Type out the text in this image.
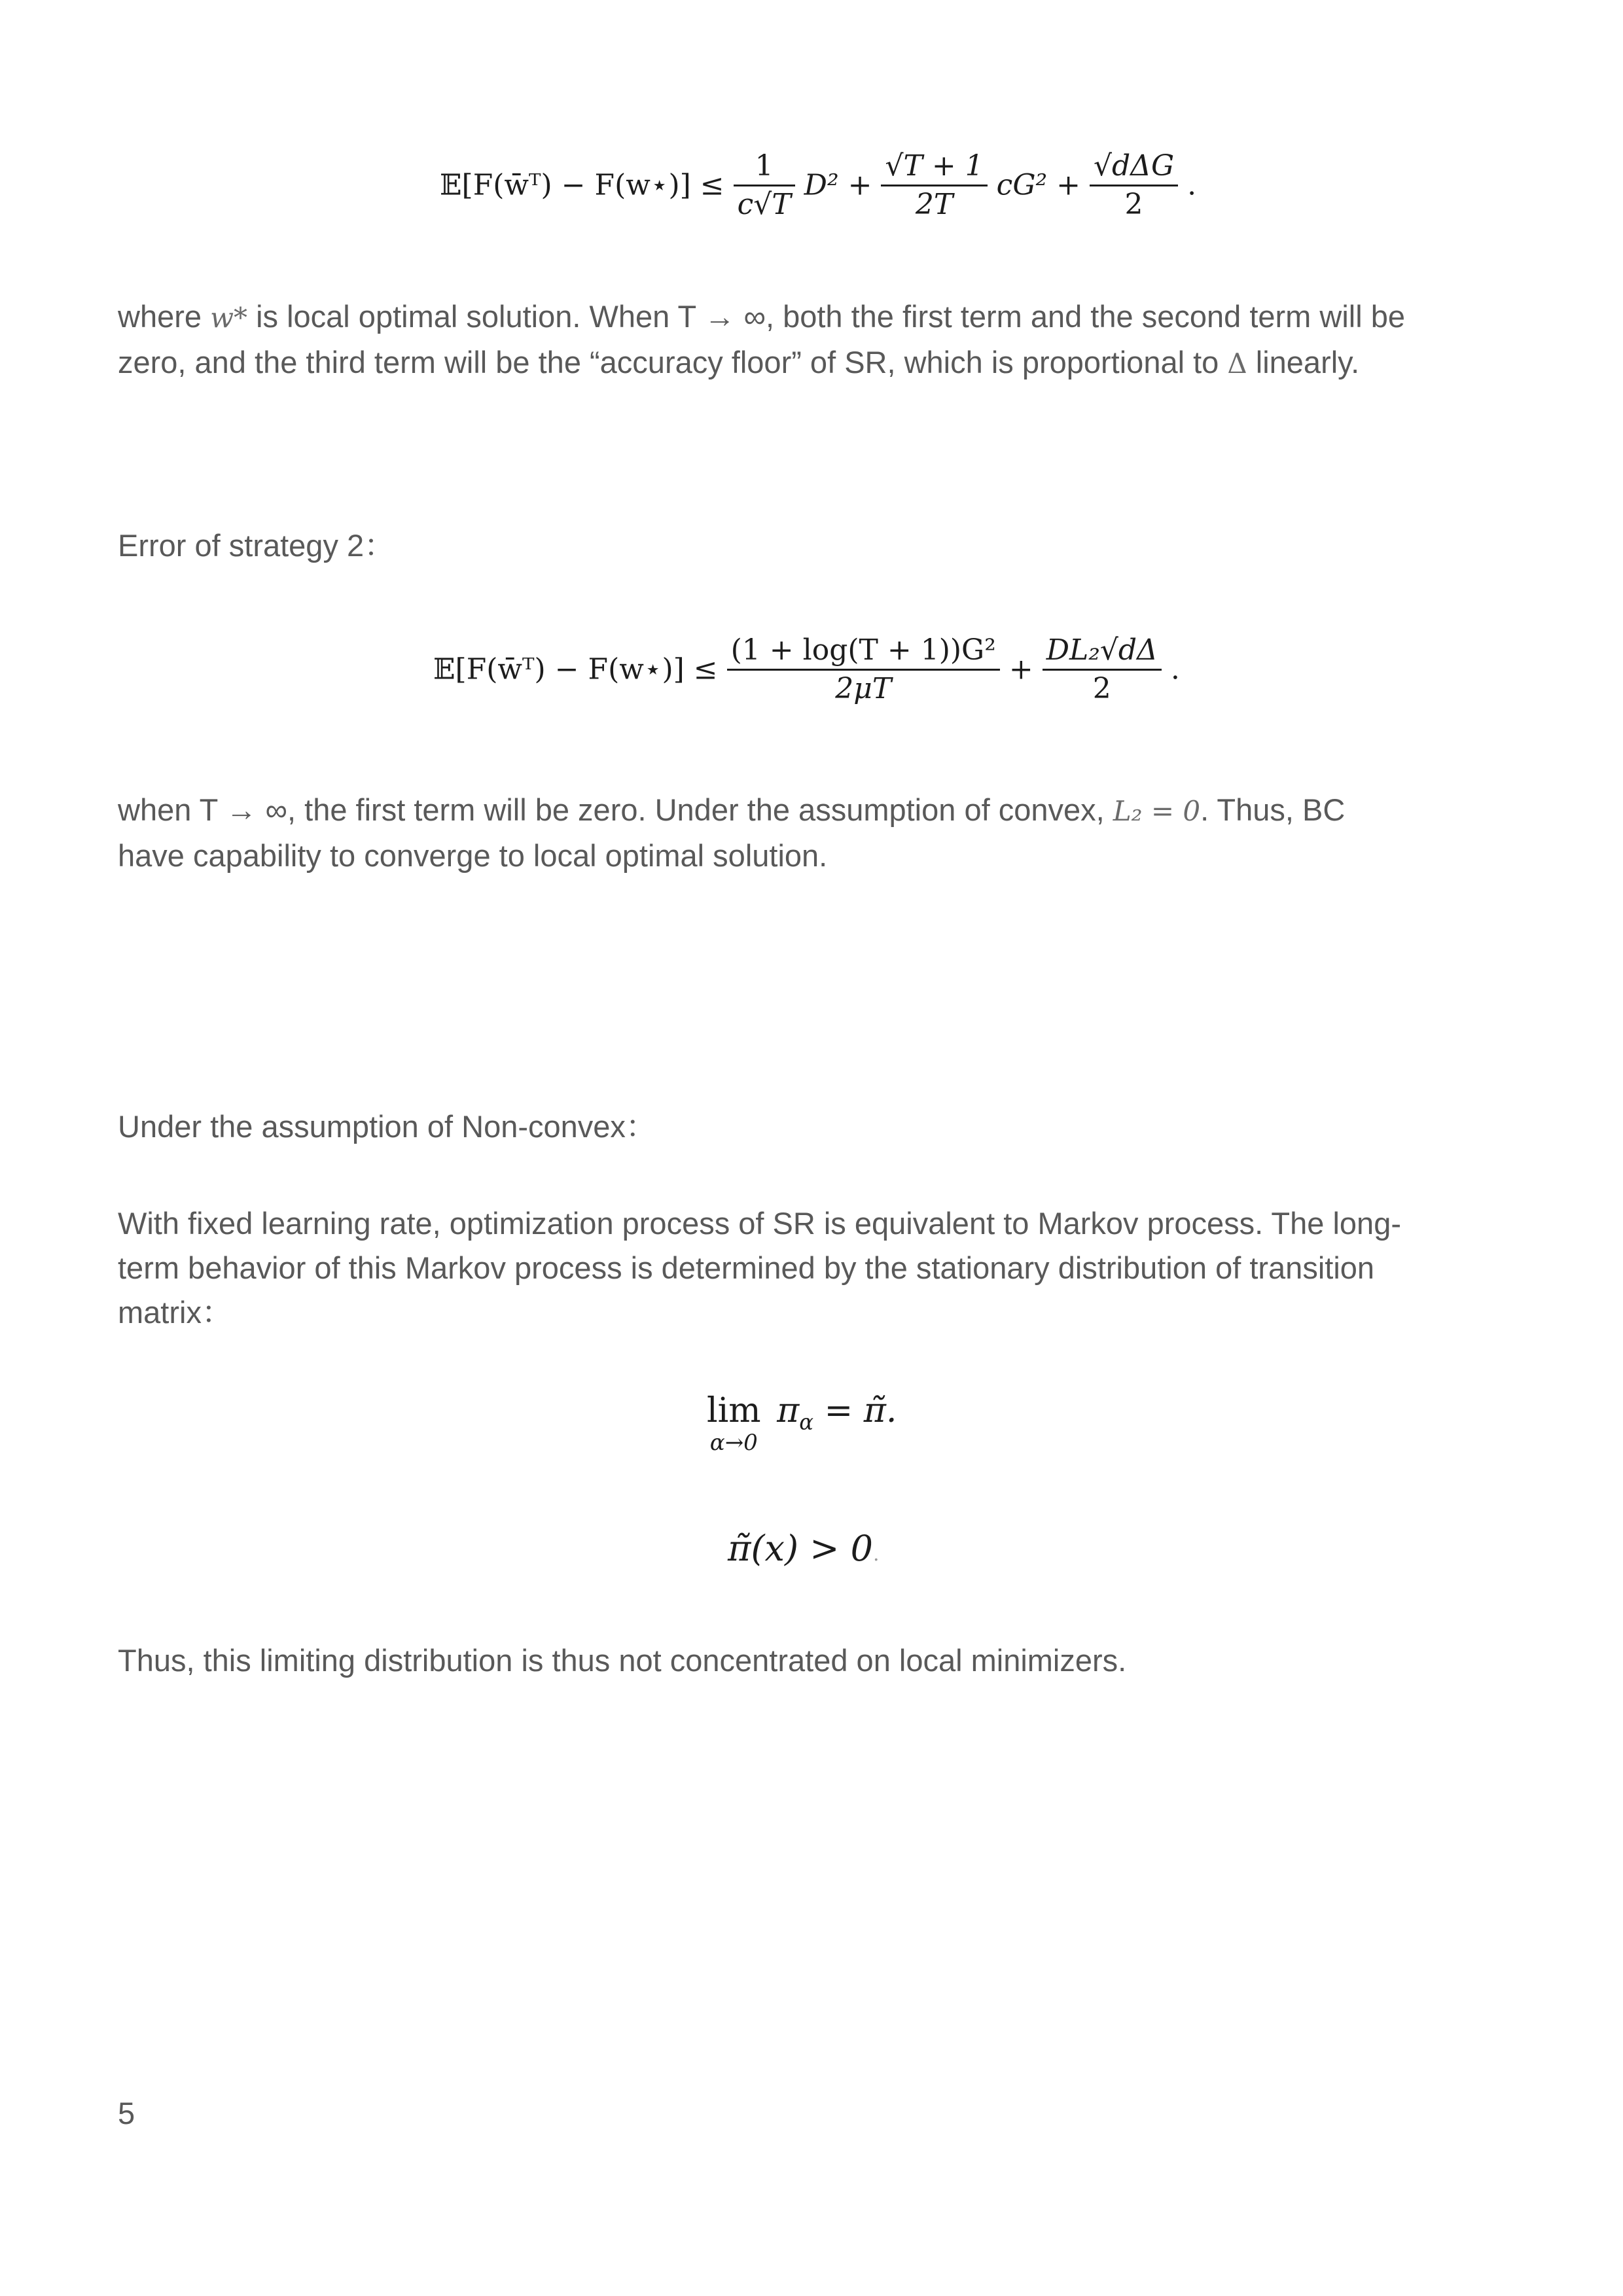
𝔼[F(w̄ᵀ) − F(w⋆)] ≤ $\frac{1}{c√T} D^2 + \frac{√T + 1}{2T} cG^2 + \frac{\text{√dΔG}}{2}$ .
where w* is local optimal solution. When T → ∞, both the first term and the second term will be
zero, and the third term will be the “accuracy floor” of SR, which is proportional to Δ linearly.
Error of strategy 2：
𝔼[F(w̄ᵀ) − F(w⋆)] ≤ $\frac{\text{(1 + log(T + 1))G²}}{2\mu T} + \frac{\text{DL₂√dΔ}}{2}$ .
when T → ∞, the first term will be zero. Under the assumption of convex, L₂ = 0. Thus, BC
have capability to converge to local optimal solution.
Under the assumption of Non-convex：
With fixed learning rate, optimization process of SR is equivalent to Markov process. The long-
term behavior of this Markov process is determined by the stationary distribution of transition
matrix：
lim
α→0
$\pi_\alpha$ = π̃.
π̃(x) > 0.
Thus, this limiting distribution is thus not concentrated on local minimizers.
5
